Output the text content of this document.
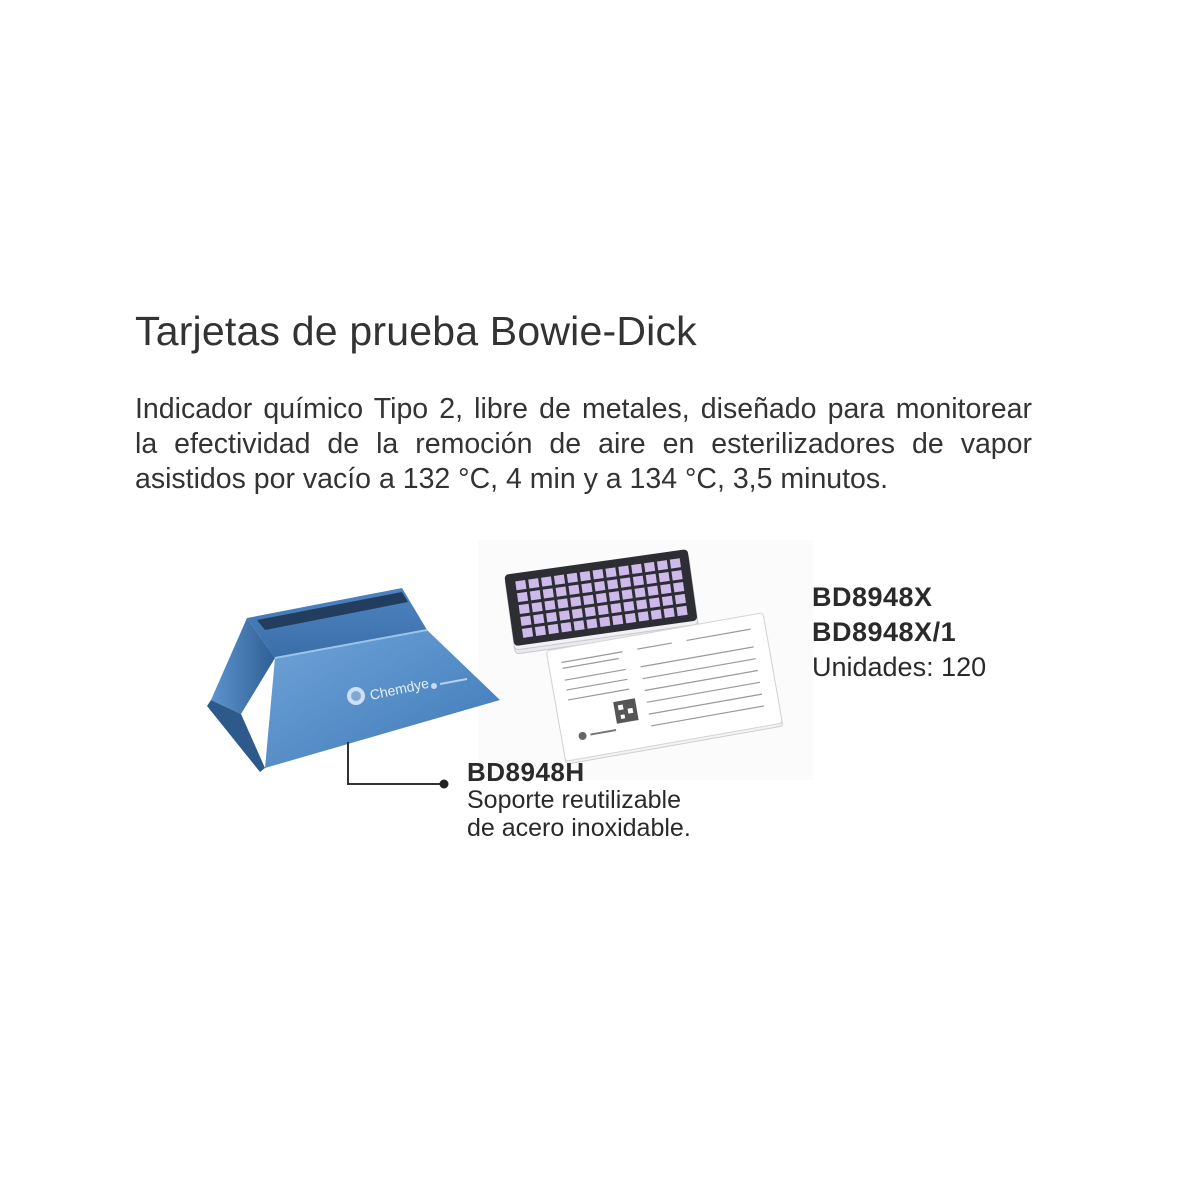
Tarjetas de prueba Bowie-Dick
Indicador químico Tipo 2, libre de metales, diseñado para monitorear la efectividad de la remoción de aire en esterilizadores de vapor asistidos por vacío a 132 °C, 4 min y a 134 °C, 3,5 minutos.
Chemdye
BD8948X
BD8948X/1
Unidades: 120
BD8948H
Soporte reutilizable
de acero inoxidable.
